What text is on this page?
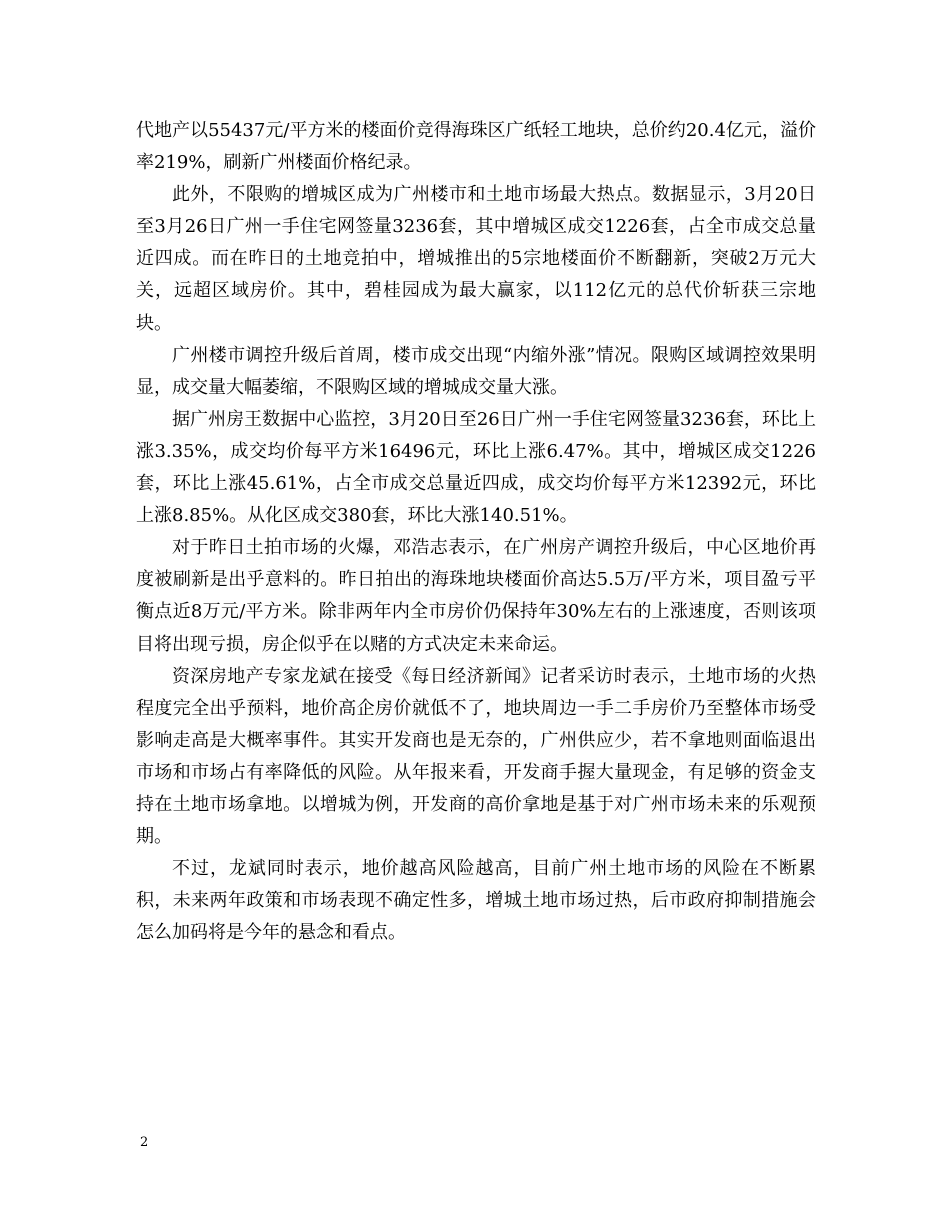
代地产以55437元/平方米的楼面价竞得海珠区广纸轻工地块，总价约20.4亿元，溢价率219%，刷新广州楼面价格纪录。

此外，不限购的增城区成为广州楼市和土地市场最大热点。数据显示，3月20日至3月26日广州一手住宅网签量3236套，其中增城区成交1226套，占全市成交总量近四成。而在昨日的土地竞拍中，增城推出的5宗地楼面价不断翻新，突破2万元大关，远超区域房价。其中，碧桂园成为最大赢家，以112亿元的总代价斩获三宗地块。

广州楼市调控升级后首周，楼市成交出现“内缩外涨”情况。限购区域调控效果明显，成交量大幅萎缩，不限购区域的增城成交量大涨。

据广州房王数据中心监控，3月20日至26日广州一手住宅网签量3236套，环比上涨3.35%，成交均价每平方米16496元，环比上涨6.47%。其中，增城区成交1226套，环比上涨45.61%，占全市成交总量近四成，成交均价每平方米12392元，环比上涨8.85%。从化区成交380套，环比大涨140.51%。

对于昨日土拍市场的火爆，邓浩志表示，在广州房产调控升级后，中心区地价再度被刷新是出乎意料的。昨日拍出的海珠地块楼面价高达5.5万/平方米，项目盈亏平衡点近8万元/平方米。除非两年内全市房价仍保持年30%左右的上涨速度，否则该项目将出现亏损，房企似乎在以赌的方式决定未来命运。

资深房地产专家龙斌在接受《每日经济新闻》记者采访时表示，土地市场的火热程度完全出乎预料，地价高企房价就低不了，地块周边一手二手房价乃至整体市场受影响走高是大概率事件。其实开发商也是无奈的，广州供应少，若不拿地则面临退出市场和市场占有率降低的风险。从年报来看，开发商手握大量现金，有足够的资金支持在土地市场拿地。以增城为例，开发商的高价拿地是基于对广州市场未来的乐观预期。

不过，龙斌同时表示，地价越高风险越高，目前广州土地市场的风险在不断累积，未来两年政策和市场表现不确定性多，增城土地市场过热，后市政府抑制措施会怎么加码将是今年的悬念和看点。

2
